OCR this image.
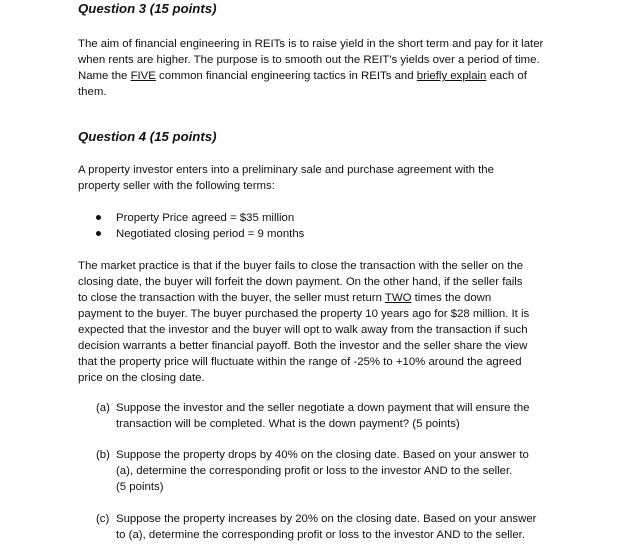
Question 3 (15 points)
The aim of financial engineering in REITs is to raise yield in the short term and pay for it later
when rents are higher. The purpose is to smooth out the REIT's yields over a period of time.
Name the FIVE common financial engineering tactics in REITs and briefly explain each of
them.
Question 4 (15 points)
A property investor enters into a preliminary sale and purchase agreement with the
property seller with the following terms:
Property Price agreed = $35 million
Negotiated closing period = 9 months
The market practice is that if the buyer fails to close the transaction with the seller on the
closing date, the buyer will forfeit the down payment. On the other hand, if the seller fails
to close the transaction with the buyer, the seller must return TWO times the down
payment to the buyer. The buyer purchased the property 10 years ago for $28 million. It is
expected that the investor and the buyer will opt to walk away from the transaction if such
decision warrants a better financial payoff. Both the investor and the seller share the view
that the property price will fluctuate within the range of -25% to +10% around the agreed
price on the closing date.
(a) Suppose the investor and the seller negotiate a down payment that will ensure the
transaction will be completed. What is the down payment? (5 points)
(b) Suppose the property drops by 40% on the closing date. Based on your answer to
(a), determine the corresponding profit or loss to the investor AND to the seller.
(5 points)
(c) Suppose the property increases by 20% on the closing date. Based on your answer
to (a), determine the corresponding profit or loss to the investor AND to the seller.
